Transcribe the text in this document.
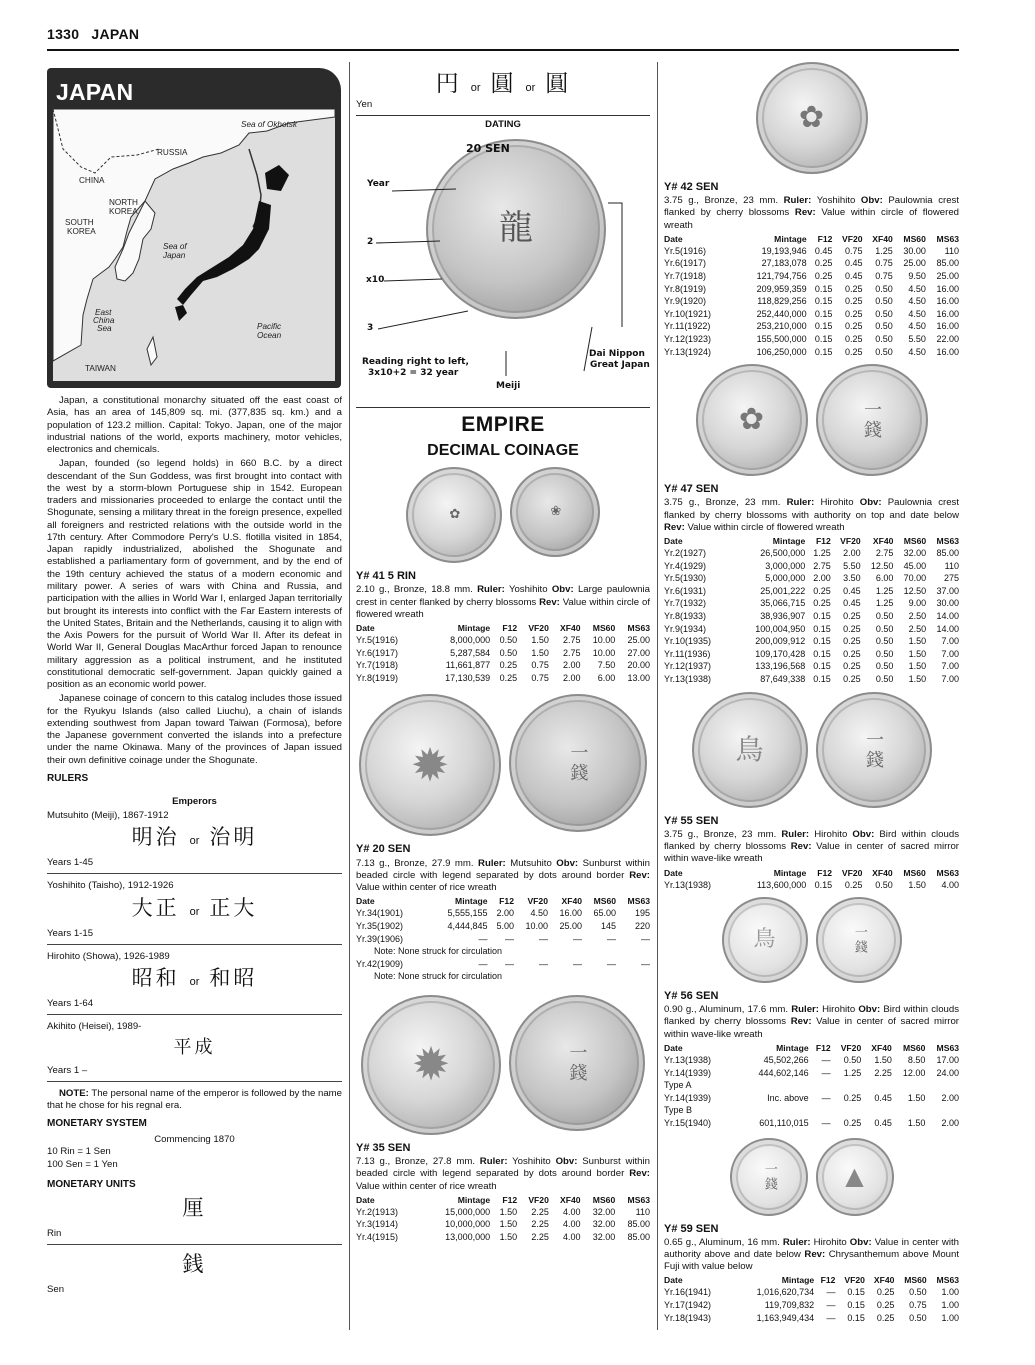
1330 JAPAN
JAPAN
Sea of Okhotsk
RUSSIA
CHINA
NORTH
KOREA
SOUTH
KOREA
Sea of
Japan
East
China
Sea	Pacific
Ocean
TAIWAN

Japan, a constitutional monarchy situated off the east coast of Asia, has an area of 145,809 sq. mi. (377,835 sq. km.) and a population of 123.2 million. Capital: Tokyo. Japan, one of the major industrial nations of the world, exports machinery, motor vehicles, electronics and chemicals.

Japan, founded (so legend holds) in 660 B.C. by a direct descendant of the Sun Goddess, was first brought into contact with the west by a storm-blown Portuguese ship in 1542. European traders and missionaries proceeded to enlarge the contact until the Shogunate, sensing a military threat in the foreign presence, expelled all foreigners and restricted relations with the outside world in the 17th century. After Commodore Perry's U.S. flotilla visited in 1854, Japan rapidly industrialized, abolished the Shogunate and established a parliamentary form of government, and by the end of the 19th century achieved the status of a modern economic and military power. A series of wars with China and Russia, and participation with the allies in World War I, enlarged Japan territorially but brought its interests into conflict with the Far Eastern interests of the United States, Britain and the Netherlands, causing it to align with the Axis Powers for the pursuit of World War II. After its defeat in World War II, General Douglas MacArthur forced Japan to renounce military aggression as a political instrument, and he instituted constitutional democratic self-government. Japan quickly gained a position as an economic world power.

Japanese coinage of concern to this catalog includes those issued for the Ryukyu Islands (also called Liuchu), a chain of islands extending southwest from Japan toward Taiwan (Formosa), before the Japanese government converted the islands into a prefecture under the name Okinawa. Many of the provinces of Japan issued their own definitive coinage under the Shogunate.

RULERS
Emperors
Mutsuhito (Meiji), 1867-1912
明治 or 治明
Years 1-45
Yoshihito (Taisho), 1912-1926
大正 or 正大
Years 1-15
Hirohito (Showa), 1926-1989
昭和 or 和昭
Years 1-64
Akihito (Heisei), 1989-
平成
Years 1 –

NOTE: The personal name of the emperor is followed by the name that he chose for his regnal era.

MONETARY SYSTEM
Commencing 1870
10 Rin = 1 Sen
100 Sen = 1 Yen
MONETARY UNITS
厘
Rin
銭
Sen
円or 圓 or 圓
Yen
DATING
龍
20 SEN
Year
2
x10
3
Reading right to left,
3x10+2 = 32 year
Meiji
Dai Nippon
Great Japan
EMPIRE
DECIMAL COINAGE
✿	❀
Y# 41 5 RIN
2.10 g., Bronze, 18.8 mm. Ruler: Yoshihito Obv: Large paulownia crest in center flanked by cherry blossoms Rev: Value within circle of flowered wreath
Date	Mintage	F12	VF20	XF40	MS60	MS63
Yr.5(1916)	8,000,000	0.50	1.50	2.75	10.00	25.00
Yr.6(1917)	5,287,584	0.50	1.50	2.75	10.00	27.00
Yr.7(1918)	11,661,877	0.25	0.75	2.00	7.50	20.00
Yr.8(1919)	17,130,539	0.25	0.75	2.00	6.00	13.00
✹	一錢
Y# 20 SEN
7.13 g., Bronze, 27.9 mm. Ruler: Mutsuhito Obv: Sunburst within beaded circle with legend separated by dots around border Rev: Value within center of rice wreath
Date	Mintage	F12	VF20	XF40	MS60	MS63
Yr.34(1901)	5,555,155	2.00	4.50	16.00	65.00	195
Yr.35(1902)	4,444,845	5.00	10.00	25.00	145	220
Yr.39(1906)	—	—	—	—	—	—
Note: None struck for circulation						
Yr.42(1909)	—	—	—	—	—	—
Note: None struck for circulation						
✹	一錢
Y# 35 SEN
7.13 g., Bronze, 27.8 mm. Ruler: Yoshihito Obv: Sunburst within beaded circle with legend separated by dots around border Rev: Value within center of rice wreath
Date	Mintage	F12	VF20	XF40	MS60	MS63
Yr.2(1913)	15,000,000	1.50	2.25	4.00	32.00	110
Yr.3(1914)	10,000,000	1.50	2.25	4.00	32.00	85.00
Yr.4(1915)	13,000,000	1.50	2.25	4.00	32.00	85.00
✿
Y# 42 SEN
3.75 g., Bronze, 23 mm. Ruler: Yoshihito Obv: Paulownia crest flanked by cherry blossoms Rev: Value within circle of flowered wreath
Date	Mintage	F12	VF20	XF40	MS60	MS63
Yr.5(1916)	19,193,946	0.45	0.75	1.25	30.00	110
Yr.6(1917)	27,183,078	0.25	0.45	0.75	25.00	85.00
Yr.7(1918)	121,794,756	0.25	0.45	0.75	9.50	25.00
Yr.8(1919)	209,959,359	0.15	0.25	0.50	4.50	16.00
Yr.9(1920)	118,829,256	0.15	0.25	0.50	4.50	16.00
Yr.10(1921)	252,440,000	0.15	0.25	0.50	4.50	16.00
Yr.11(1922)	253,210,000	0.15	0.25	0.50	4.50	16.00
Yr.12(1923)	155,500,000	0.15	0.25	0.50	5.50	22.00
Yr.13(1924)	106,250,000	0.15	0.25	0.50	4.50	16.00
✿	一錢
Y# 47 SEN
3.75 g., Bronze, 23 mm. Ruler: Hirohito Obv: Paulownia crest flanked by cherry blossoms with authority on top and date below Rev: Value within circle of flowered wreath
Date	Mintage	F12	VF20	XF40	MS60	MS63
Yr.2(1927)	26,500,000	1.25	2.00	2.75	32.00	85.00
Yr.4(1929)	3,000,000	2.75	5.50	12.50	45.00	110
Yr.5(1930)	5,000,000	2.00	3.50	6.00	70.00	275
Yr.6(1931)	25,001,222	0.25	0.45	1.25	12.50	37.00
Yr.7(1932)	35,066,715	0.25	0.45	1.25	9.00	30.00
Yr.8(1933)	38,936,907	0.15	0.25	0.50	2.50	14.00
Yr.9(1934)	100,004,950	0.15	0.25	0.50	2.50	14.00
Yr.10(1935)	200,009,912	0.15	0.25	0.50	1.50	7.00
Yr.11(1936)	109,170,428	0.15	0.25	0.50	1.50	7.00
Yr.12(1937)	133,196,568	0.15	0.25	0.50	1.50	7.00
Yr.13(1938)	87,649,338	0.15	0.25	0.50	1.50	7.00
鳥	一錢
Y# 55 SEN
3.75 g., Bronze, 23 mm. Ruler: Hirohito Obv: Bird within clouds flanked by cherry blossoms Rev: Value in center of sacred mirror within wave-like wreath
Date	Mintage	F12	VF20	XF40	MS60	MS63
Yr.13(1938)	113,600,000	0.15	0.25	0.50	1.50	4.00
鳥	一錢
Y# 56 SEN
0.90 g., Aluminum, 17.6 mm. Ruler: Hirohito Obv: Bird within clouds flanked by cherry blossoms Rev: Value in center of sacred mirror within wave-like wreath
Date	Mintage	F12	VF20	XF40	MS60	MS63
Yr.13(1938)	45,502,266	—	0.50	1.50	8.50	17.00
Yr.14(1939)	444,602,146	—	1.25	2.25	12.00	24.00
Type A						
Yr.14(1939)	Inc. above	—	0.25	0.45	1.50	2.00
Type B						
Yr.15(1940)	601,110,015	—	0.25	0.45	1.50	2.00
一錢	▲
Y# 59 SEN
0.65 g., Aluminum, 16 mm. Ruler: Hirohito Obv: Value in center with authority above and date below Rev: Chrysanthemum above Mount Fuji with value below
Date	Mintage	F12	VF20	XF40	MS60	MS63
Yr.16(1941)	1,016,620,734	—	0.15	0.25	0.50	1.00
Yr.17(1942)	119,709,832	—	0.15	0.25	0.75	1.00
Yr.18(1943)	1,163,949,434	—	0.15	0.25	0.50	1.00
